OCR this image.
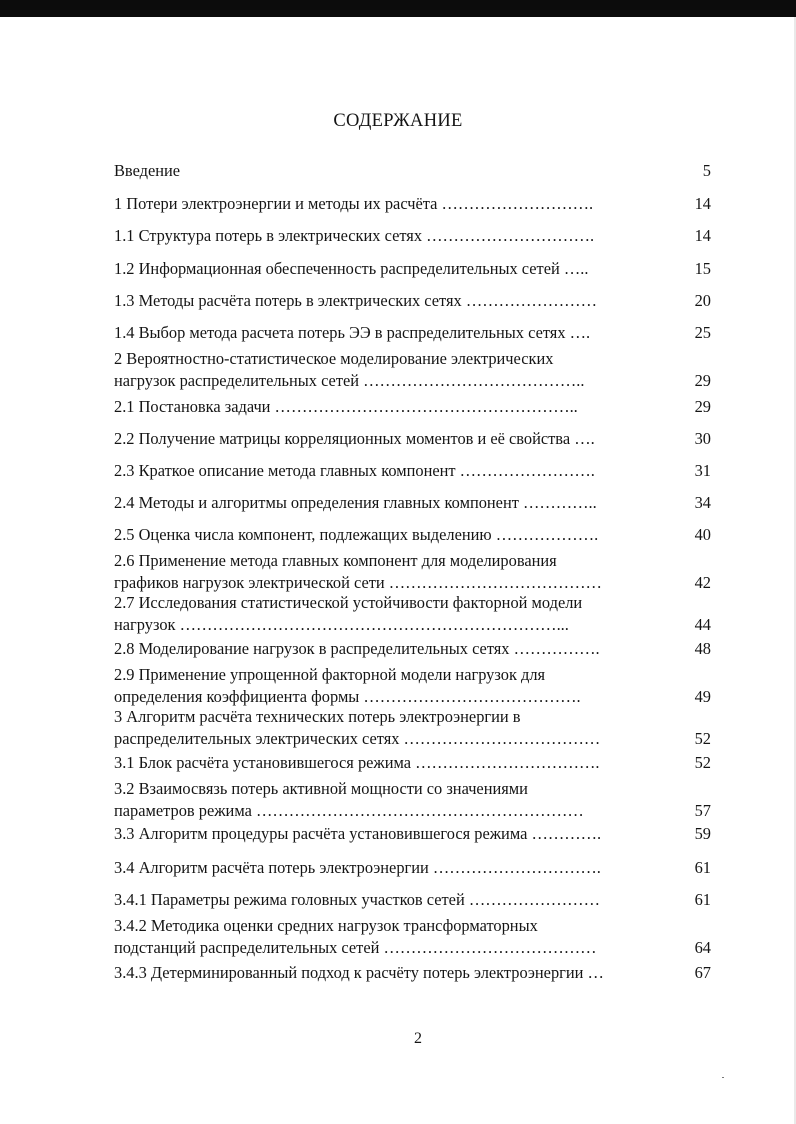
СОДЕРЖАНИЕ
Введение	5
1 Потери электроэнергии и методы их расчёта ……………………….	14
1.1 Структура потерь в электрических сетях ………………………….	14
1.2 Информационная обеспеченность распределительных сетей …..	15
1.3 Методы расчёта потерь в электрических сетях ……………………	20
1.4 Выбор метода расчета потерь ЭЭ в распределительных сетях ….	25
2 Вероятностно-статистическое моделирование электрических
нагрузок распределительных сетей …………………………………..	29
2.1 Постановка задачи ………………………………………………..	29
2.2 Получение матрицы корреляционных моментов и её свойства ….	30
2.3 Краткое описание метода главных компонент …………………….	31
2.4 Методы и алгоритмы определения главных компонент …………..	34
2.5 Оценка числа компонент, подлежащих выделению ……………….	40
2.6 Применение метода главных компонент для моделирования
графиков нагрузок электрической сети …………………………………	42
2.7 Исследования статистической устойчивости факторной модели
нагрузок ……………………………………………………………...	44
2.8 Моделирование нагрузок в распределительных сетях …………….	48
2.9 Применение упрощенной факторной модели нагрузок для
определения коэффициента формы ………………………………….	49
3 Алгоритм расчёта технических потерь электроэнергии в
распределительных электрических сетях ………………………………	52
3.1 Блок расчёта установившегося режима …………………………….	52
3.2 Взаимосвязь потерь активной мощности со значениями
параметров режима ……………………………………………………	57
3.3 Алгоритм процедуры расчёта установившегося режима ………….	59
3.4 Алгоритм расчёта потерь электроэнергии ………………………….	61
3.4.1 Параметры режима головных участков сетей ……………………	61
3.4.2 Методика оценки средних нагрузок трансформаторных
подстанций распределительных сетей …………………………………	64
3.4.3 Детерминированный подход к расчёту потерь электроэнергии …	67
2
